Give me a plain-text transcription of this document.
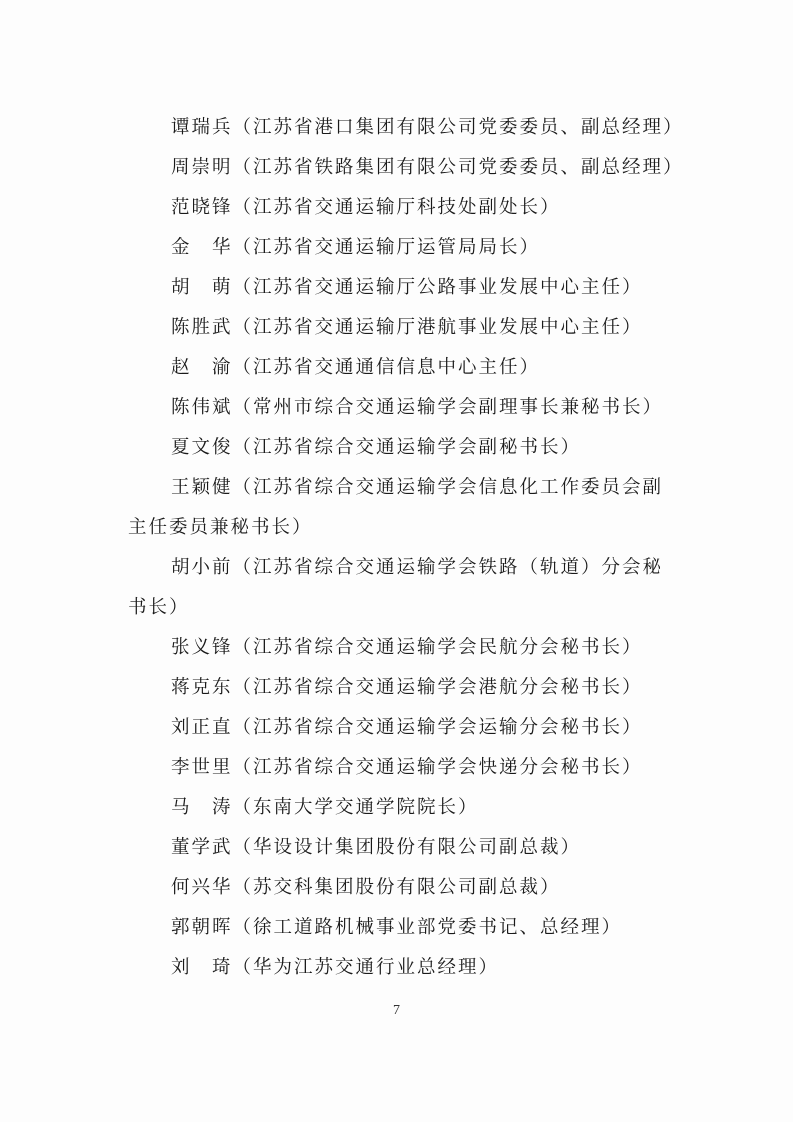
谭瑞兵（江苏省港口集团有限公司党委委员、副总经理）
周崇明（江苏省铁路集团有限公司党委委员、副总经理）
范晓锋（江苏省交通运输厅科技处副处长）
金　华（江苏省交通运输厅运管局局长）
胡　萌（江苏省交通运输厅公路事业发展中心主任）
陈胜武（江苏省交通运输厅港航事业发展中心主任）
赵　渝（江苏省交通通信信息中心主任）
陈伟斌（常州市综合交通运输学会副理事长兼秘书长）
夏文俊（江苏省综合交通运输学会副秘书长）
王颖健（江苏省综合交通运输学会信息化工作委员会副
主任委员兼秘书长）
胡小前（江苏省综合交通运输学会铁路（轨道）分会秘
书长）
张义锋（江苏省综合交通运输学会民航分会秘书长）
蒋克东（江苏省综合交通运输学会港航分会秘书长）
刘正直（江苏省综合交通运输学会运输分会秘书长）
李世里（江苏省综合交通运输学会快递分会秘书长）
马　涛（东南大学交通学院院长）
董学武（华设设计集团股份有限公司副总裁）
何兴华（苏交科集团股份有限公司副总裁）
郭朝晖（徐工道路机械事业部党委书记、总经理）
刘　琦（华为江苏交通行业总经理）
7
